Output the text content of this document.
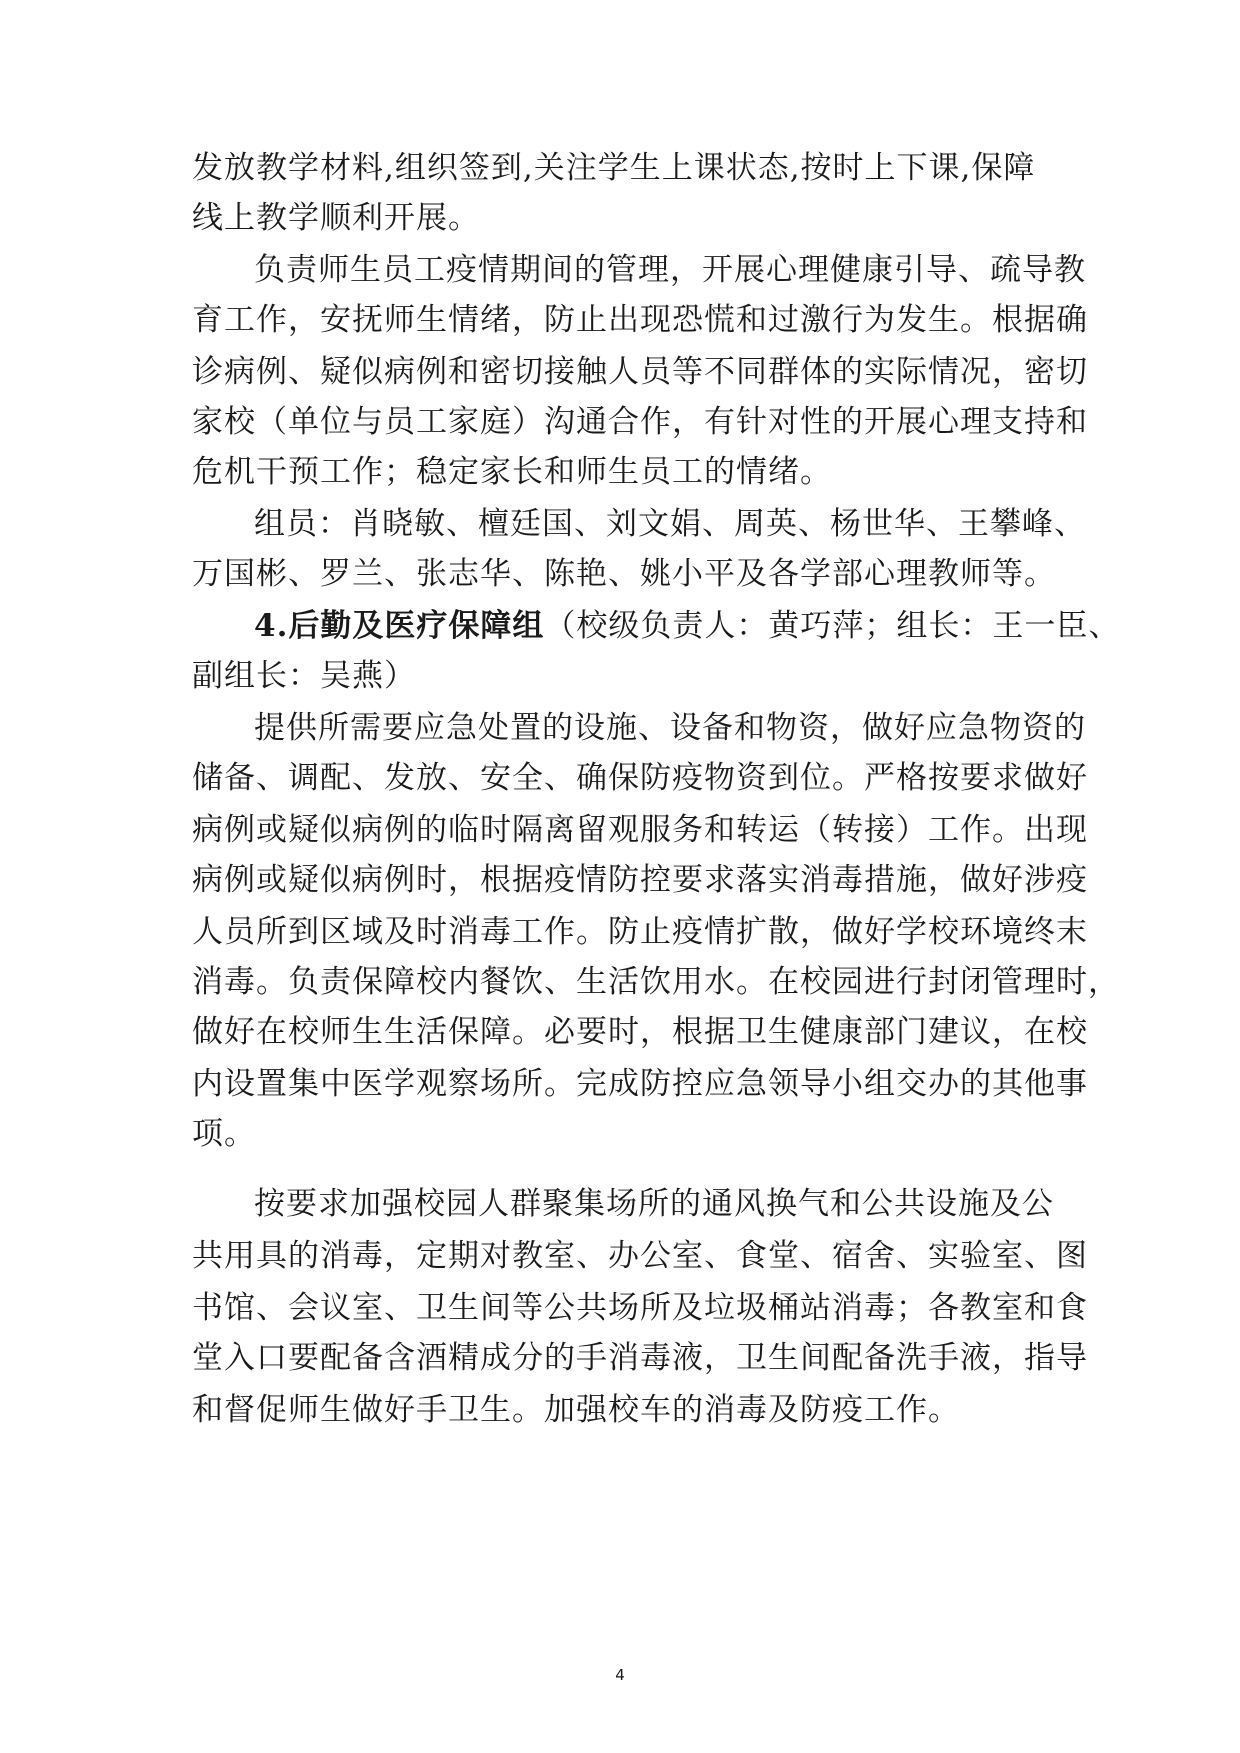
发放教学材料,组织签到,关注学生上课状态,按时上下课,保障
线上教学顺利开展。
负责师生员工疫情期间的管理，开展心理健康引导、疏导教
育工作，安抚师生情绪，防止出现恐慌和过激行为发生。根据确
诊病例、疑似病例和密切接触人员等不同群体的实际情况，密切
家校（单位与员工家庭）沟通合作，有针对性的开展心理支持和
危机干预工作；稳定家长和师生员工的情绪。
组员：肖晓敏、檀廷国、刘文娟、周英、杨世华、王攀峰、
万国彬、罗兰、张志华、陈艳、姚小平及各学部心理教师等。
4.后勤及医疗保障组（校级负责人：黄巧萍；组长：王一臣、
副组长：吴燕）
提供所需要应急处置的设施、设备和物资，做好应急物资的
储备、调配、发放、安全、确保防疫物资到位。严格按要求做好
病例或疑似病例的临时隔离留观服务和转运（转接）工作。出现
病例或疑似病例时，根据疫情防控要求落实消毒措施，做好涉疫
人员所到区域及时消毒工作。防止疫情扩散，做好学校环境终末
消毒。负责保障校内餐饮、生活饮用水。在校园进行封闭管理时，
做好在校师生生活保障。必要时，根据卫生健康部门建议，在校
内设置集中医学观察场所。完成防控应急领导小组交办的其他事
项。
按要求加强校园人群聚集场所的通风换气和公共设施及公
共用具的消毒，定期对教室、办公室、食堂、宿舍、实验室、图
书馆、会议室、卫生间等公共场所及垃圾桶站消毒；各教室和食
堂入口要配备含酒精成分的手消毒液，卫生间配备洗手液，指导
和督促师生做好手卫生。加强校车的消毒及防疫工作。
4
